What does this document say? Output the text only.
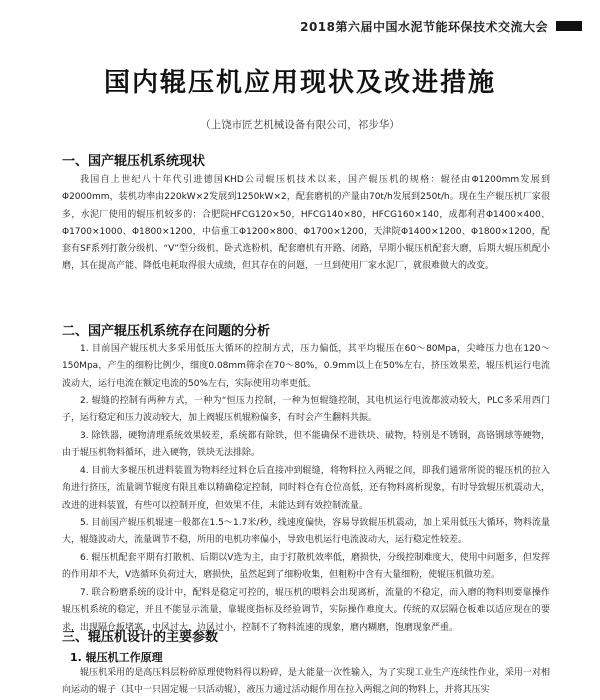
2018第六届中国水泥节能环保技术交流大会
国内辊压机应用现状及改进措施
（上饶市匠艺机械设备有限公司，祁步华）
一、国产辊压机系统现状

我国自上世纪八十年代引进德国KHD公司辊压机技术以来，国产辊压机的规格：辊径由Φ1200mm发展到Φ2000mm，装机功率由220kW×2发展到1250kW×2，配套磨机的产量由70t/h发展到250t/h。现在生产辊压机厂家很多，水泥厂使用的辊压机较多的：合肥院HFCG120×50，HFCG140×80，HFCG160×140，成都利君Φ1400×400、Φ1700×1000、Φ1800×1200，中信重工Φ1200×800、Φ1700×1200，天津院Φ1400×1200、Φ1800×1200，配套有SF系列打散分级机、“V”型分级机、卧式选粉机，配套磨机有开路、闭路，早期小辊压机配套大磨，后期大辊压机配小磨，其在提高产能、降低电耗取得很大成绩，但其存在的问题，一旦到使用厂家水泥厂，就很难做大的改变。

二、国产辊压机系统存在问题的分析

1. 目前国产辊压机大多采用低压大循环的控制方式，压力偏低，其平均辊压在60～80Mpa，尖峰压力也在120～150Mpa，产生的细粉比例少，细度0.08mm筛余在70～80%，0.9mm以上在50%左右，挤压效果差，辊压机运行电流波动大，运行电流在额定电流的50%左右，实际使用功率更低。

2. 辊缝的控制有两种方式，一种为“恒压力控制，一种为恒辊缝控制，其电机运行电流都波动较大，PLC多采用西门子，运行稳定和压力波动较大，加上阀辊压机辊粉偏多，有时会产生翻料共振。

3. 除铁器，硬物清理系统效果较差，系统都有除铁，但不能确保不进铁块、破物，特别是不锈钢，高铬钢球等硬物，由于辊压机物料循环，进入硬物，铁块无法排除。

4. 目前大多辊压机进料装置为物料经过料仓后直接冲到辊缝，将物料拉入两辊之间，即我们通常所说的辊压机的拉入角进行挤压，流量调节辊度有限且难以精确稳定控制，同时料仓有仓位高低，还有物料离析现象，有时导致辊压机震动大，改进的进料装置，有些可以控制开度，但效果不佳，未能达到有效控制流量。

5. 目前国产辊压机辊速一般都在1.5～1.7米/秒，线速度偏快，容易导致辊压机震动，加上采用低压大循环，物料流量大，辊缝波动大，流量调节不稳，所用的电机功率偏小，导致电机运行电流波动大，运行稳定性较差。

6. 辊压机配套平期有打散机、后期以V选为主，由于打散机效率低，磨损快，分级控制难度大，使用中问题多，但发挥的作用却不大，V选循环负荷过大，磨损快，虽然起到了细粉收集，但粗粉中含有大量细粉，使辊压机做功差。

7. 联合粉磨系统的设计中，配料是稳定可控的，辊压机的喂料会出现离析，流量的不稳定，而入磨的物料则要靠操作辊压机系统的稳定，并且不能显示流量，靠辊度指标及经验调节，实际操作难度大。传统的双层隔仓板难以适应现在的要求，出现隔仓板堵塞，中风过大，边风过小，控制不了物料流速的现象，磨内糊磨，饱磨现象严重。

三、辊压机设计的主要参数
1. 辊压机工作原理

辊压机采用的是高压料层粉碎原理使物料得以粉碎，是大能量一次性输入，为了实现工业生产连续性作业，采用一对相向运动的辊子（其中一只固定辊一只活动辊），液压力通过活动辊作用在拉入两辊之间的物料上，并将其压实
